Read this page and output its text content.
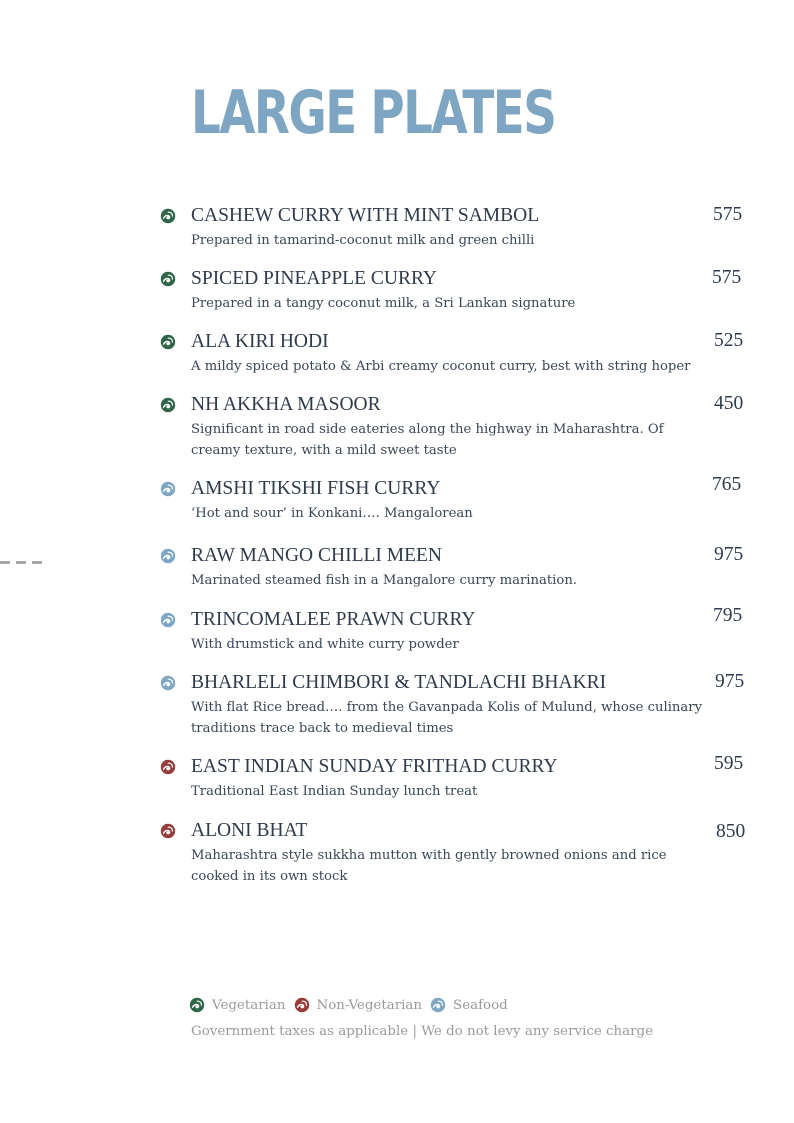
LARGE PLATES
CASHEW CURRY WITH MINT SAMBOL
Prepared in tamarind-coconut milk and green chilli
575
SPICED PINEAPPLE CURRY
Prepared in a tangy coconut milk, a Sri Lankan signature
575
ALA KIRI HODI
A mildy spiced potato & Arbi creamy coconut curry, best with string hoper
525
NH AKKHA MASOOR
Significant in road side eateries along the highway in Maharashtra. Of creamy texture, with a mild sweet taste
450
AMSHI TIKSHI FISH CURRY
‘Hot and sour’ in Konkani…. Mangalorean
765
RAW MANGO CHILLI MEEN
Marinated steamed fish in a Mangalore curry marination.
975
TRINCOMALEE PRAWN CURRY
With drumstick and white curry powder
795
BHARLELI CHIMBORI & TANDLACHI BHAKRI
With flat Rice bread…. from the Gavanpada Kolis of Mulund, whose culinary traditions trace back to medieval times
975
EAST INDIAN SUNDAY FRITHAD CURRY
Traditional East Indian Sunday lunch treat
595
ALONI BHAT
Maharashtra style sukkha mutton with gently browned onions and rice cooked in its own stock
850
Vegetarian Non-Vegetarian Seafood
Government taxes as applicable | We do not levy any service charge
